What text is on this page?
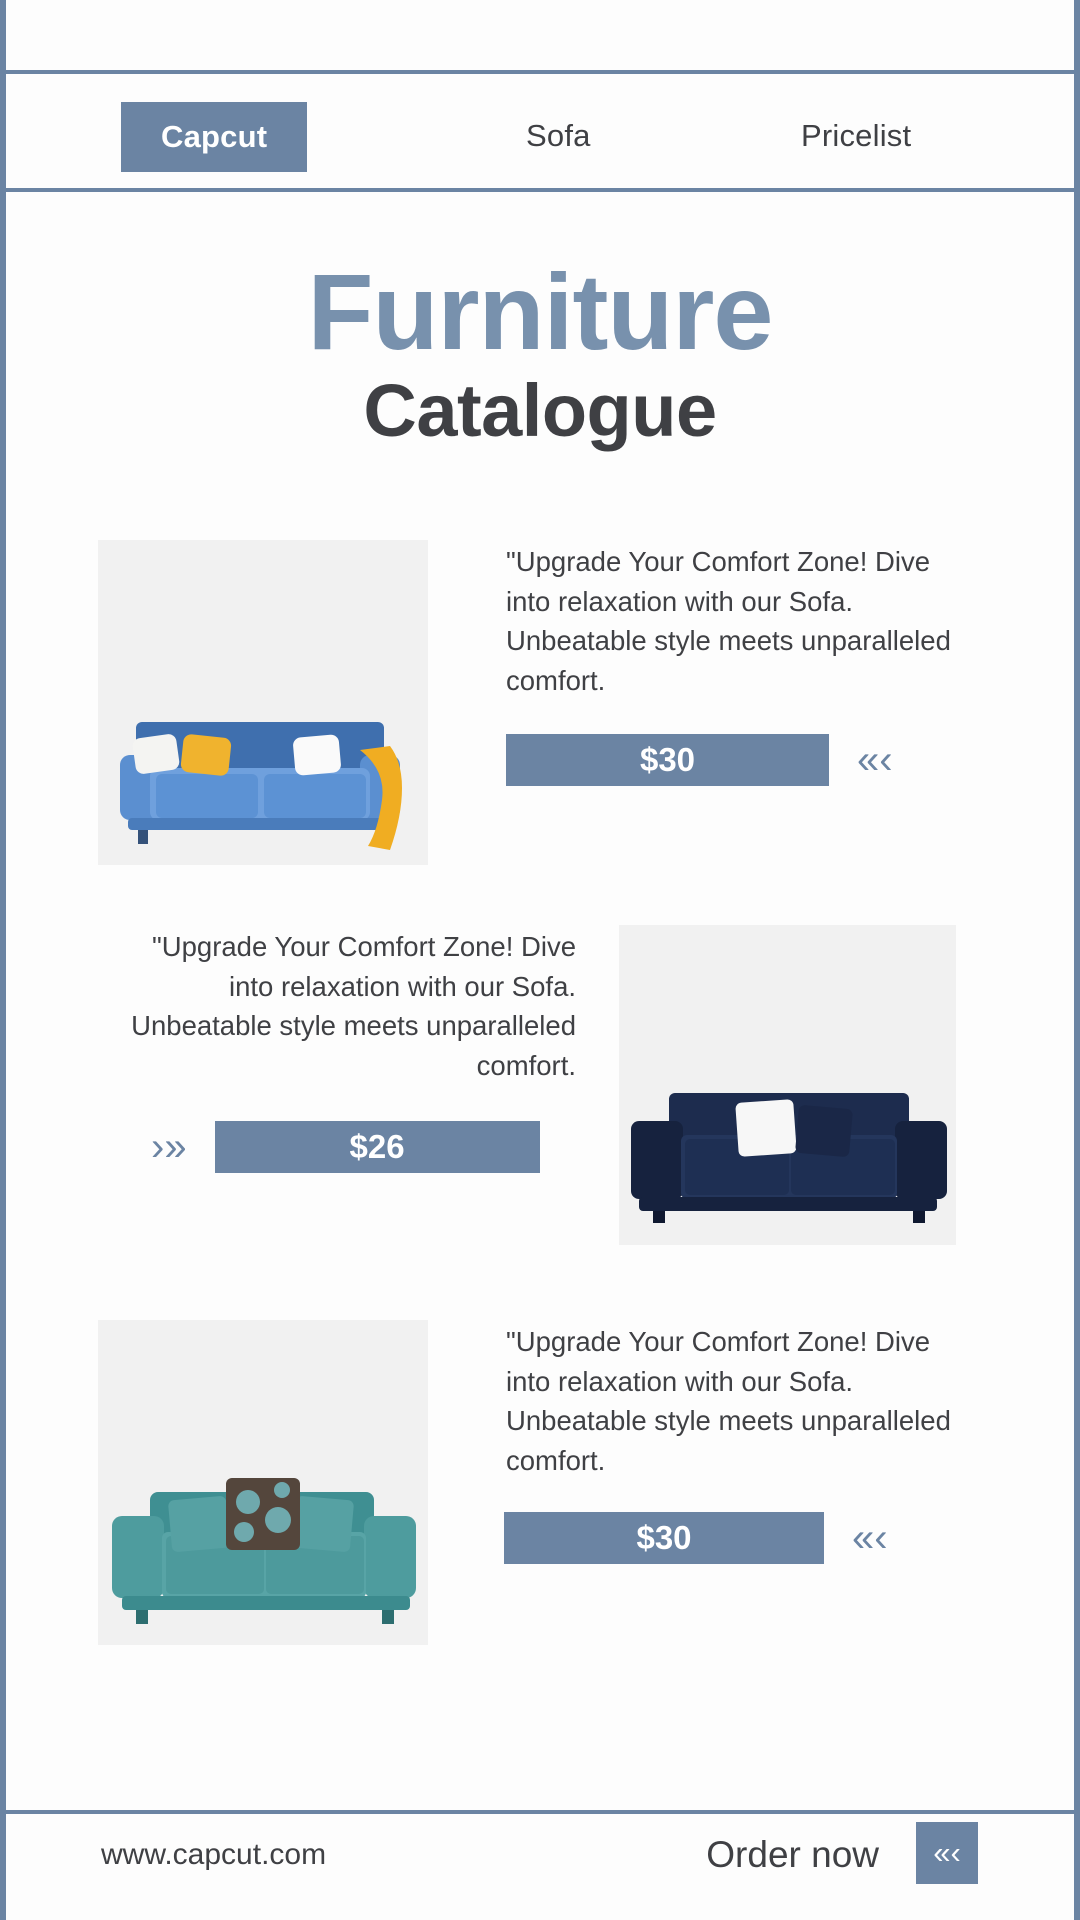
Capcut	Sofa	Pricelist
Furniture
Catalogue
"Upgrade Your Comfort Zone! Dive into relaxation with our Sofa. Unbeatable style meets unparalleled comfort.
$30	«‹
"Upgrade Your Comfort Zone! Dive into relaxation with our Sofa. Unbeatable style meets unparalleled comfort.
›»	$26
"Upgrade Your Comfort Zone! Dive into relaxation with our Sofa. Unbeatable style meets unparalleled comfort.
$30	«‹
www.capcut.com	Order now	«‹
